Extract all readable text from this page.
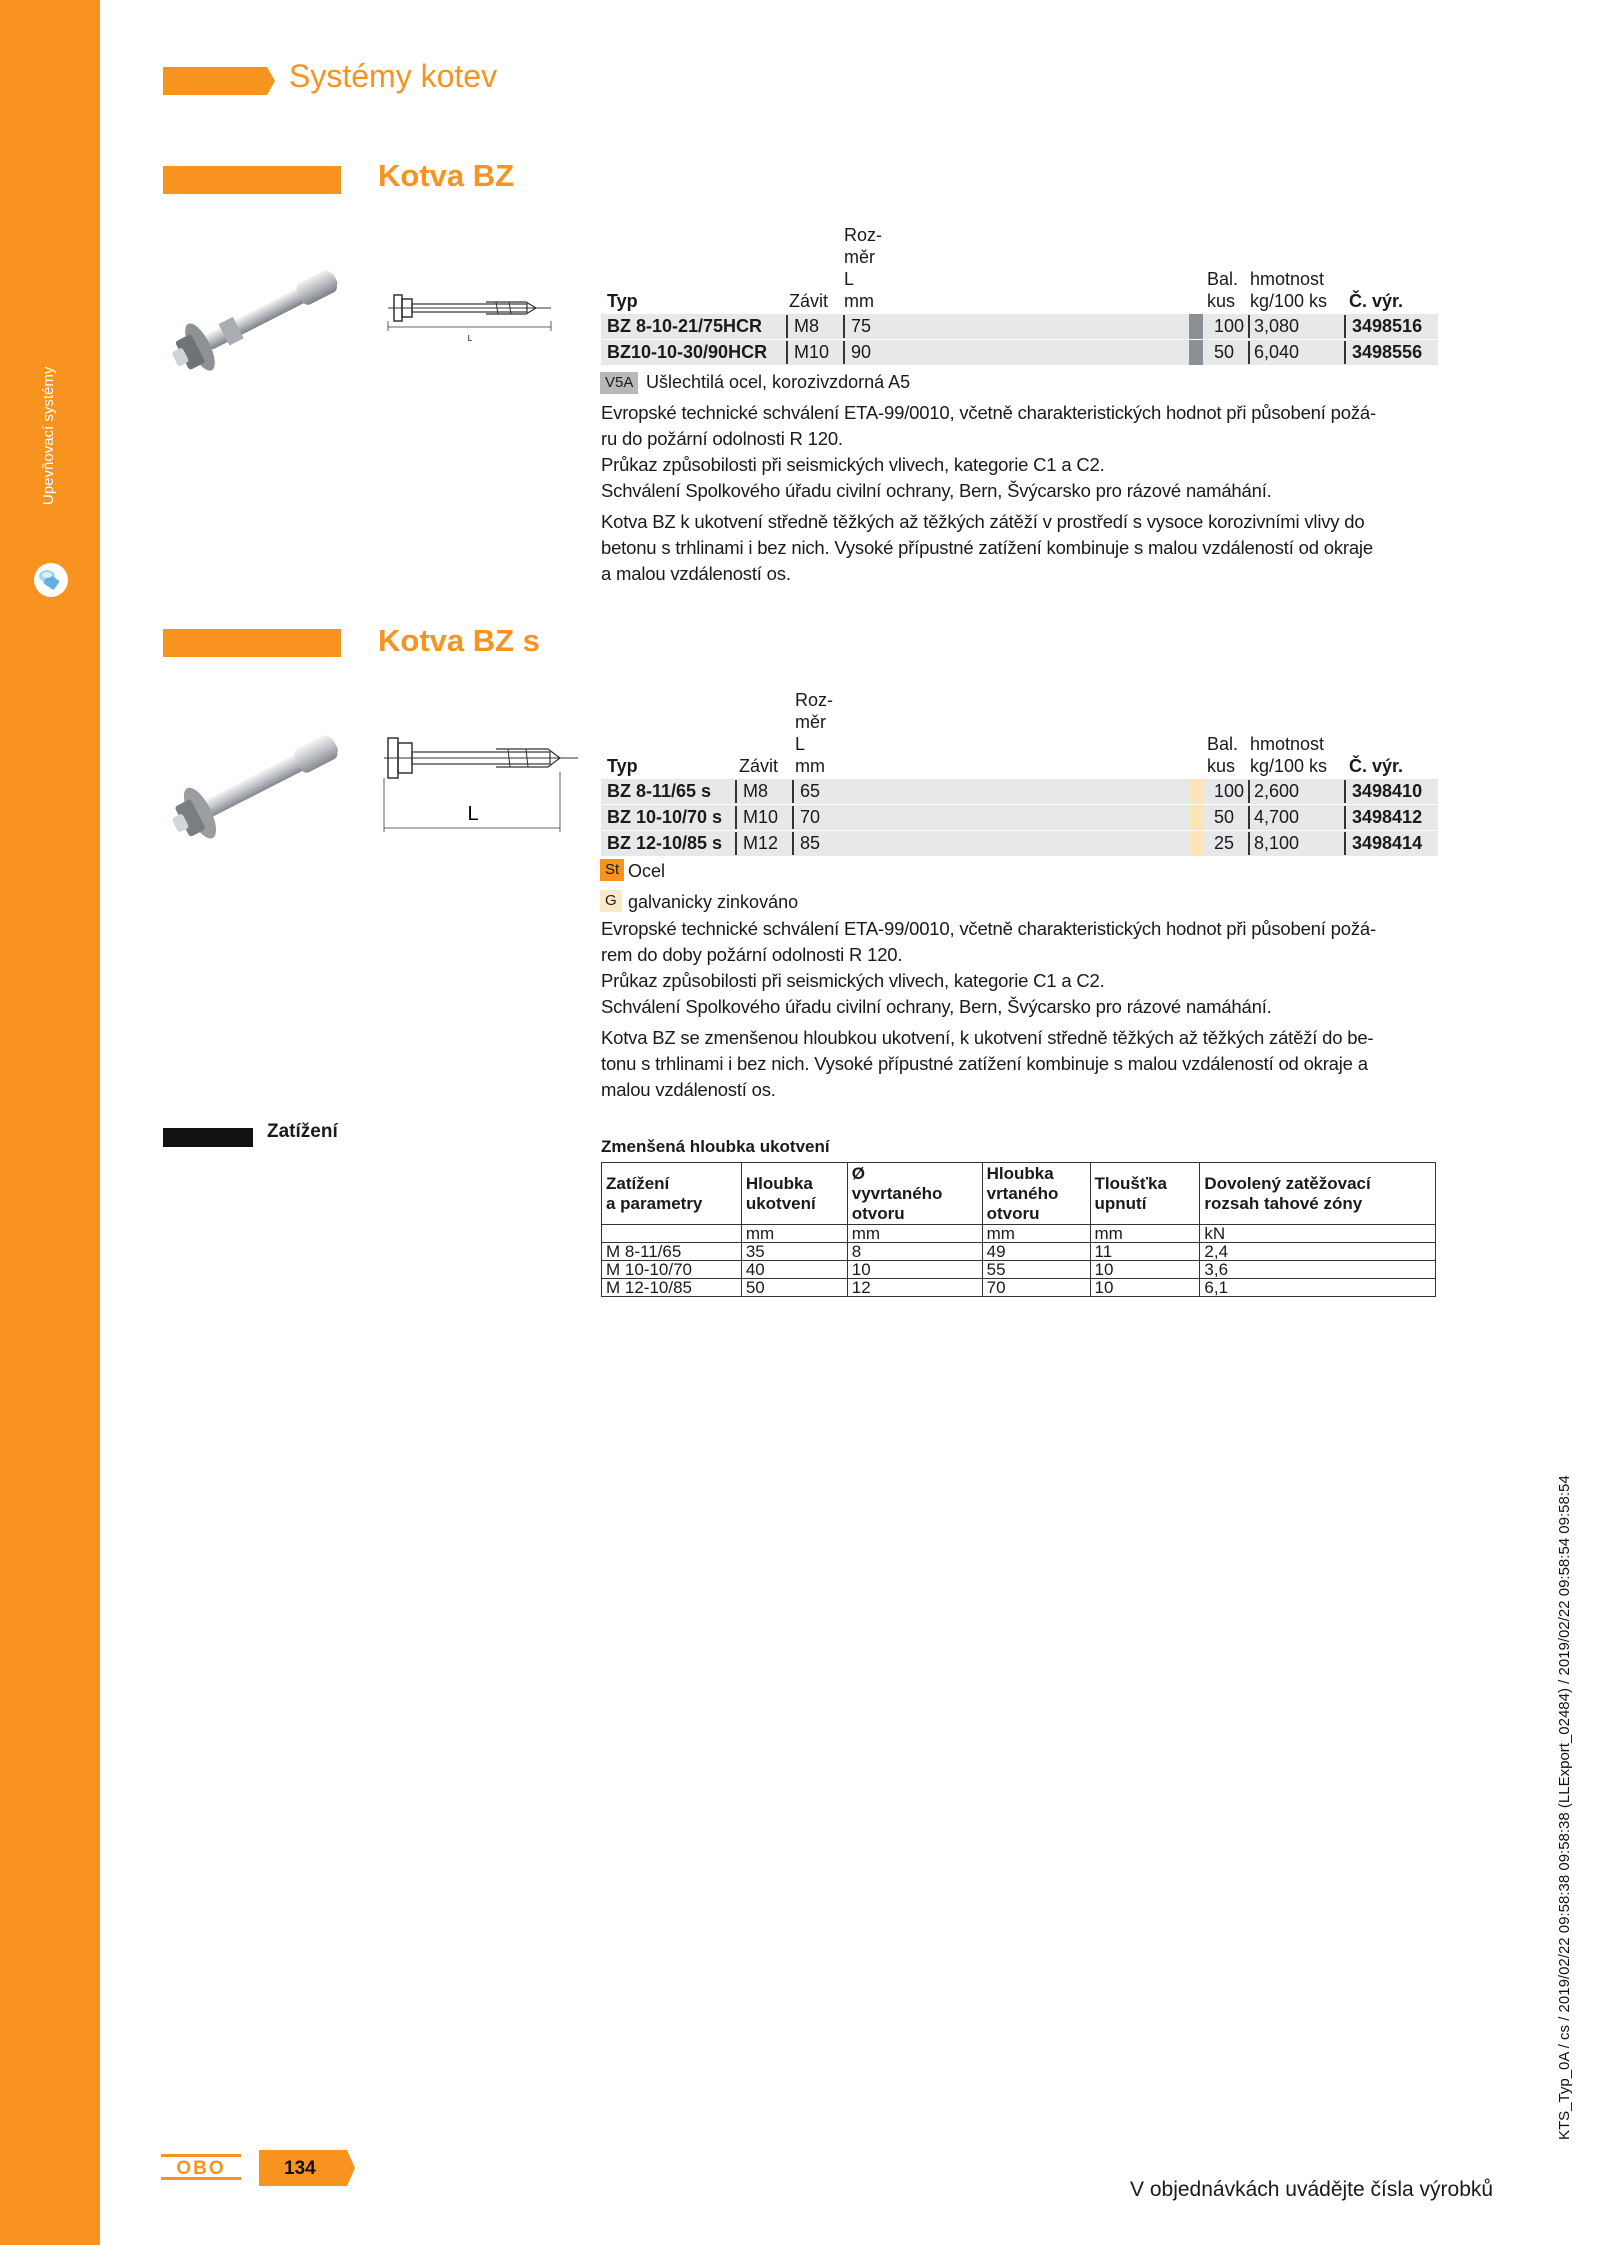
Upevňovací systémy
Systémy kotev
Kotva BZ
L
Typ	Závit
Roz-
měr
L
mm
Bal.
kus
hmotnost
kg/100 ks Č. výr.
BZ 8-10-21/75HCR	M8	75	100 3,080	3498516
BZ10-10-30/90HCR	M10	90	50	6,040	3498556
V5A Ušlechtilá ocel, korozivzdorná A5

Evropské technické schválení ETA-99/0010, včetně charakteristických hodnot při působení požá-

ru do požární odolnosti R 120.

Průkaz způsobilosti při seismických vlivech, kategorie C1 a C2.

Schválení Spolkového úřadu civilní ochrany, Bern, Švýcarsko pro rázové namáhání.

Kotva BZ k ukotvení středně těžkých až těžkých zátěží v prostředí s vysoce korozivními vlivy do

betonu s trhlinami i bez nich. Vysoké přípustné zatížení kombinuje s malou vzdáleností od okraje

a malou vzdáleností os.

Kotva BZ s
L
Typ	Závit
Roz-
měr
L
mm
Bal.
kus
hmotnost
kg/100 ks Č. výr.
BZ 8-11/65 s	M8	65	100 2,600	3498410
BZ 10-10/70 s	M10	70	50	4,700	3498412
BZ 12-10/85 s	M12	85	25	8,100	3498414
St Ocel
G galvanicky zinkováno

Evropské technické schválení ETA-99/0010, včetně charakteristických hodnot při působení požá-

rem do doby požární odolnosti R 120.

Průkaz způsobilosti při seismických vlivech, kategorie C1 a C2.

Schválení Spolkového úřadu civilní ochrany, Bern, Švýcarsko pro rázové namáhání.

Kotva BZ se zmenšenou hloubkou ukotvení, k ukotvení středně těžkých až těžkých zátěží do be-

tonu s trhlinami i bez nich. Vysoké přípustné zatížení kombinuje s malou vzdáleností od okraje a

malou vzdáleností os.

Zatížení
Zmenšená hloubka ukotvení
Zatížení
a parametry	Hloubka
ukotvení	Ø
vyvrtaného
otvoru	Hloubka
vrtaného
otvoru	Tloušťka
upnutí	Dovolený zatěžovací
rozsah tahové zóny
	mm	mm	mm	mm	kN
M 8-11/65	35	8	49	11	2,4
M 10-10/70	40	10	55	10	3,6
M 12-10/85	50	12	70	10	6,1
KTS_Typ_0A / cs / 2019/02/22 09:58:38 09:58:38 (LLExport_02484) / 2019/02/22 09:58:54 09:58:54
OBO	134
V objednávkách uvádějte čísla výrobků
